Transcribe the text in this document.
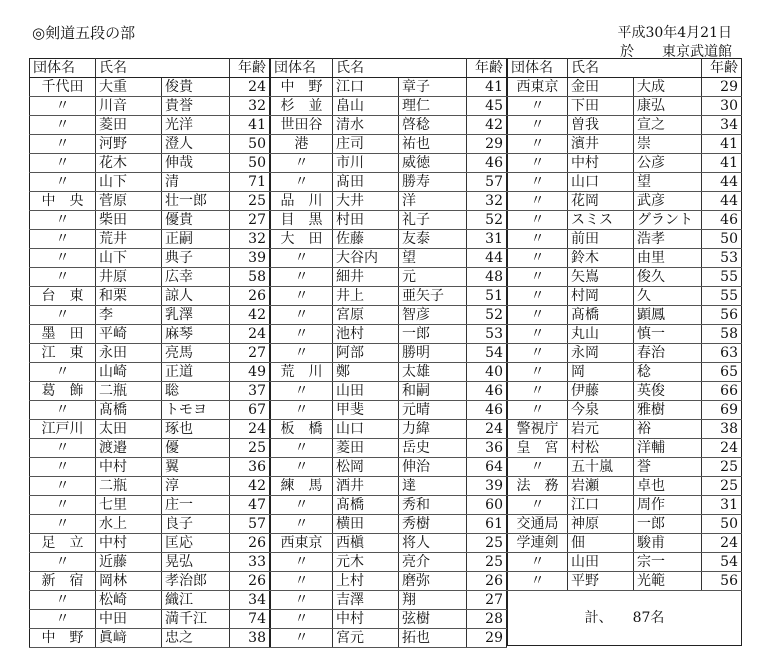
◎剣道五段の部	平成30年4月21日
於　　 東京武道館
団体名	氏名		年齢
千代田	大重	俊貴	24
〃	川音	貴誉	32
〃	菱田	光洋	41
〃	河野	澄人	50
〃	花木	伸哉	50
〃	山下	清	71
中　央	菅原	壮一郎	25
〃	柴田	優貴	27
〃	荒井	正嗣	32
〃	山下	典子	39
〃	井原	広幸	58
台　東	和栗	諒人	26
〃	李	乳澤	42
墨　田	平崎	麻琴	24
江　東	永田	亮馬	27
〃	山崎	正道	49
葛　飾	二瓶	聡	37
〃	髙橋	トモヨ	67
江戸川	太田	琢也	24
〃	渡邉	優	25
〃	中村	翼	36
〃	二瓶	淳	42
〃	七里	庄一	47
〃	水上	良子	57
足　立	中村	匡応	26
〃	近藤	晃弘	33
新　宿	岡林	孝治郎	26
〃	松崎	織江	34
〃	中田	満千江	74
中　野	眞﨑	忠之	38
団体名	氏名		年齢
中　野	江口	章子	41
杉　並	畠山	理仁	45
世田谷	清水	啓稔	42
港	庄司	祐也	29
〃	市川	威徳	46
〃	髙田	勝寿	57
品　川	大井	洋	32
目　黒	村田	礼子	52
大　田	佐藤	友泰	31
〃	大谷内	望	44
〃	細井	元	48
〃	井上	亜矢子	51
〃	宮原	智彦	52
〃	池村	一郎	53
〃	阿部	勝明	54
荒　川	鄭	太雄	40
〃	山田	和嗣	46
〃	甲斐	元晴	46
板　橋	山口	力緯	24
〃	菱田	岳史	36
〃	松岡	伸治	64
練　馬	酒井	達	39
〃	髙橋	秀和	60
〃	横田	秀樹	61
西東京	西槇	将人	25
〃	元木	亮介	25
〃	上村	磨弥	26
〃	吉澤	翔	27
〃	中村	弦樹	28
〃	宮元	拓也	29
団体名	氏名		年齢
西東京	金田	大成	29
〃	下田	康弘	30
〃	曽我	宣之	34
〃	濱井	崇	41
〃	中村	公彦	41
〃	山口	望	44
〃	花岡	武彦	44
〃	スミス	グラント	46
〃	前田	浩孝	50
〃	鈴木	由里	53
〃	矢嶌	俊久	55
〃	村岡	久	55
〃	髙橋	顕鳳	56
〃	丸山	慎一	58
〃	永岡	春治	63
〃	岡	稔	65
〃	伊藤	英俊	66
〃	今泉	雅樹	69
警視庁	岩元	裕	38
皇　宮	村松	洋輔	24
〃	五十嵐	誉	25
法　務	岩瀬	卓也	25
〃	江口	周作	31
交通局	神原	一郎	50
学連剣	佃	駿甫	24
〃	山田	宗一	54
〃	平野	光範	56
計、 87名			
